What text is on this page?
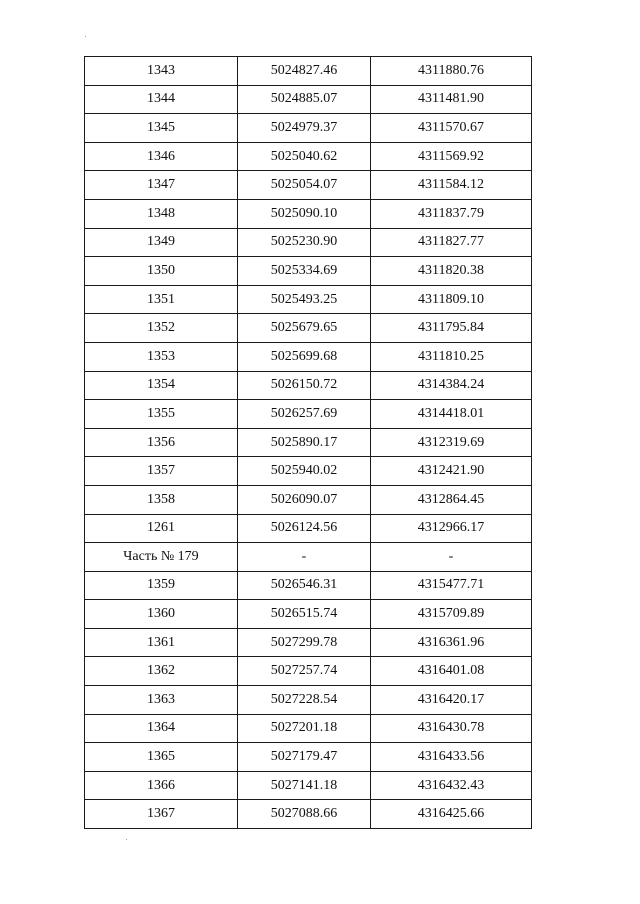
1343	5024827.46	4311880.76
1344	5024885.07	4311481.90
1345	5024979.37	4311570.67
1346	5025040.62	4311569.92
1347	5025054.07	4311584.12
1348	5025090.10	4311837.79
1349	5025230.90	4311827.77
1350	5025334.69	4311820.38
1351	5025493.25	4311809.10
1352	5025679.65	4311795.84
1353	5025699.68	4311810.25
1354	5026150.72	4314384.24
1355	5026257.69	4314418.01
1356	5025890.17	4312319.69
1357	5025940.02	4312421.90
1358	5026090.07	4312864.45
1261	5026124.56	4312966.17
Часть № 179	-	-
1359	5026546.31	4315477.71
1360	5026515.74	4315709.89
1361	5027299.78	4316361.96
1362	5027257.74	4316401.08
1363	5027228.54	4316420.17
1364	5027201.18	4316430.78
1365	5027179.47	4316433.56
1366	5027141.18	4316432.43
1367	5027088.66	4316425.66
